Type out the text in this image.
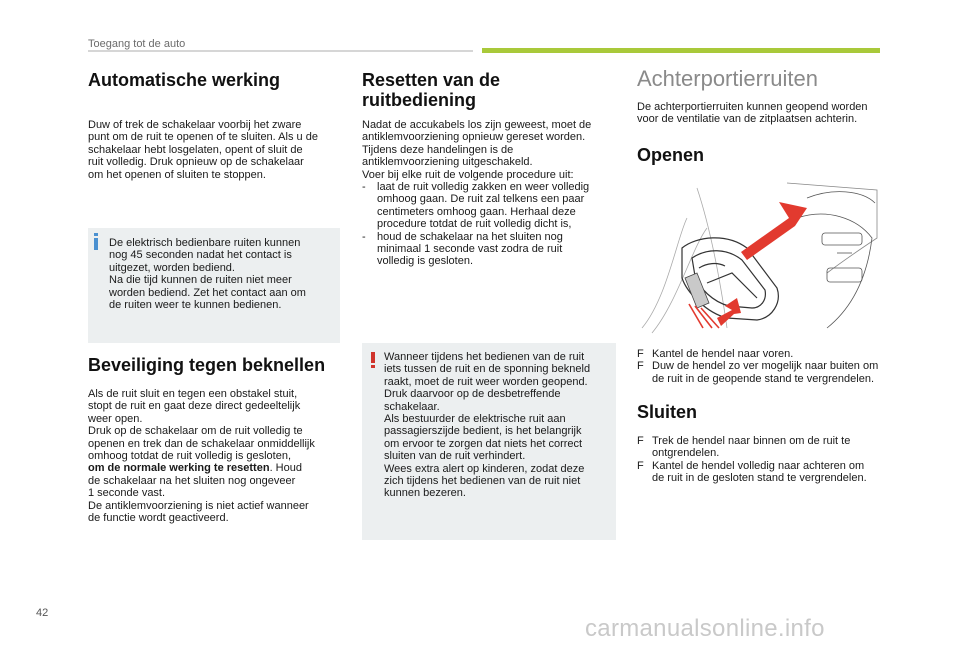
Toegang tot de auto
Automatische werking

Duw of trek de schakelaar voorbij het zware

punt om de ruit te openen of te sluiten. Als u de

schakelaar hebt losgelaten, opent of sluit de

ruit volledig. Druk opnieuw op de schakelaar

om het openen of sluiten te stoppen.

De elektrisch bedienbare ruiten kunnen

nog 45 seconden nadat het contact is

uitgezet, worden bediend.

Na die tijd kunnen de ruiten niet meer

worden bediend. Zet het contact aan om

de ruiten weer te kunnen bedienen.

Beveiliging tegen beknellen

Als de ruit sluit en tegen een obstakel stuit,

stopt de ruit en gaat deze direct gedeeltelijk

weer open.

Druk op de schakelaar om de ruit volledig te

openen en trek dan de schakelaar onmiddellijk

omhoog totdat de ruit volledig is gesloten,

om de normale werking te resetten. Houd

de schakelaar na het sluiten nog ongeveer

1 seconde vast.

De antiklemvoorziening is niet actief wanneer

de functie wordt geactiveerd.

Resetten van de
ruitbediening

Nadat de accukabels los zijn geweest, moet de

antiklemvoorziening opnieuw gereset worden.

Tijdens deze handelingen is de

antiklemvoorziening uitgeschakeld.

Voer bij elke ruit de volgende procedure uit:

- laat de ruit volledig zakken en weer volledig
omhoog gaan. De ruit zal telkens een paar
centimeters omhoog gaan. Herhaal deze
procedure totdat de ruit volledig dicht is,
- houd de schakelaar na het sluiten nog
minimaal 1 seconde vast zodra de ruit
volledig is gesloten.

Wanneer tijdens het bedienen van de ruit

iets tussen de ruit en de sponning bekneld

raakt, moet de ruit weer worden geopend.

Druk daarvoor op de desbetreffende

schakelaar.

Als bestuurder de elektrische ruit aan

passagierszijde bedient, is het belangrijk

om ervoor te zorgen dat niets het correct

sluiten van de ruit verhindert.

Wees extra alert op kinderen, zodat deze

zich tijdens het bedienen van de ruit niet

kunnen bezeren.

Achterportierruiten

De achterportierruiten kunnen geopend worden

voor de ventilatie van de zitplaatsen achterin.

Openen
F Kantel de hendel naar voren.
F Duw de hendel zo ver mogelijk naar buiten om
de ruit in de geopende stand te vergrendelen.
Sluiten
F Trek de hendel naar binnen om de ruit te
ontgrendelen.
F Kantel de hendel volledig naar achteren om
de ruit in de gesloten stand te vergrendelen.
42
carmanualsonline.info
